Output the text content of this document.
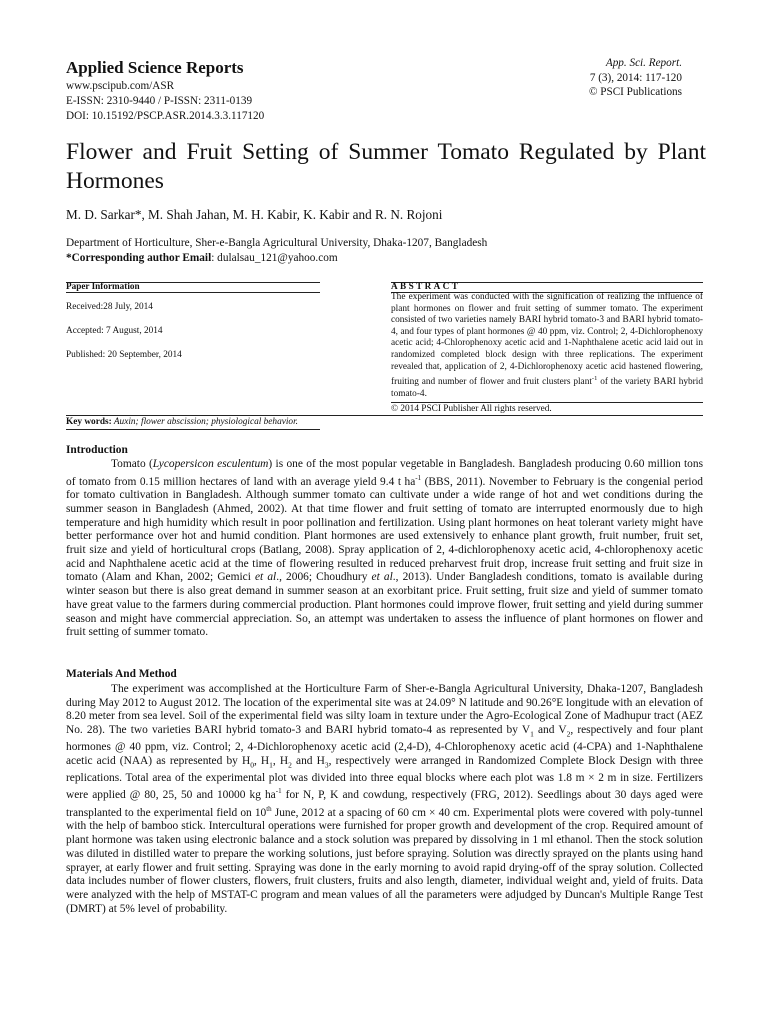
Applied Science Reports
www.pscipub.com/ASR
E-ISSN: 2310-9440 / P-ISSN: 2311-0139
DOI: 10.15192/PSCP.ASR.2014.3.3.117120
App. Sci. Report.
7 (3), 2014: 117-120
© PSCI Publications
Flower and Fruit Setting of Summer Tomato Regulated by Plant Hormones
M. D. Sarkar*, M. Shah Jahan, M. H. Kabir, K. Kabir and R. N. Rojoni
Department of Horticulture, Sher-e-Bangla Agricultural University, Dhaka-1207, Bangladesh
*Corresponding author Email: dulalsau_121@yahoo.com
Paper Information	ABSTRACT
Received:28 July, 2014
Accepted: 7 August, 2014
Published: 20 September, 2014
The experiment was conducted with the signification of realizing the influence of plant hormones on flower and fruit setting of summer tomato. The experiment consisted of two varieties namely BARI hybrid tomato-3 and BARI hybrid tomato-4, and four types of plant hormones @ 40 ppm, viz. Control; 2, 4-Dichlorophenoxy acetic acid; 4-Chlorophenoxy acetic acid and 1-Naphthalene acetic acid laid out in randomized completed block design with three replications. The experiment revealed that, application of 2, 4-Dichlorophenoxy acetic acid hastened flowering, fruiting and number of flower and fruit clusters plant$^{-1}$ of the variety BARI hybrid tomato-4.
© 2014 PSCI Publisher All rights reserved.
Key words: Auxin; flower abscission; physiological behavior.
Introduction

Tomato (Lycopersicon esculentum) is one of the most popular vegetable in Bangladesh. Bangladesh producing 0.60 million tons of tomato from 0.15 million hectares of land with an average yield 9.4 t $ha^{-1}$ (BBS, 2011). November to February is the congenial period for tomato cultivation in Bangladesh. Although summer tomato can cultivate under a wide range of hot and wet conditions during the summer season in Bangladesh (Ahmed, 2002). At that time flower and fruit setting of tomato are interrupted enormously due to high temperature and high humidity which result in poor pollination and fertilization. Using plant hormones on heat tolerant variety might have better performance over hot and humid condition. Plant hormones are used extensively to enhance plant growth, fruit number, fruit set, fruit size and yield of horticultural crops (Batlang, 2008). Spray application of 2, 4-dichlorophenoxy acetic acid, 4-chlorophenoxy acetic acid and Naphthalene acetic acid at the time of flowering resulted in reduced preharvest fruit drop, increase fruit setting and fruit size in tomato (Alam and Khan, 2002; Gemici et al., 2006; Choudhury et al., 2013). Under Bangladesh conditions, tomato is available during winter season but there is also great demand in summer season at an exorbitant price. Fruit setting, fruit size and yield of summer tomato have great value to the farmers during commercial production. Plant hormones could improve flower, fruit setting and yield during summer season and might have commercial appreciation. So, an attempt was undertaken to assess the influence of plant hormones on flower and fruit setting of summer tomato.

Materials And Method

The experiment was accomplished at the Horticulture Farm of Sher-e-Bangla Agricultural University, Dhaka-1207, Bangladesh during May 2012 to August 2012. The location of the experimental site was at 24.09° N latitude and 90.26°E longitude with an elevation of 8.20 meter from sea level. Soil of the experimental field was silty loam in texture under the Agro-Ecological Zone of Madhupur tract (AEZ No. 28). The two varieties BARI hybrid tomato-3 and BARI hybrid tomato-4 as represented by $V_1$ and $V_2$, respectively and four plant hormones @ 40 ppm, viz. Control; 2, 4-Dichlorophenoxy acetic acid (2,4-D), 4-Chlorophenoxy acetic acid (4-CPA) and 1-Naphthalene acetic acid (NAA) as represented by $H_0$, $H_1$, $H_2$ and $H_3$, respectively were arranged in Randomized Complete Block Design with three replications. Total area of the experimental plot was divided into three equal blocks where each plot was 1.8 m × 2 m in size. Fertilizers were applied @ 80, 25, 50 and 10000 kg $ha^{-1}$ for N, P, K and cowdung, respectively (FRG, 2012). Seedlings about 30 days aged were transplanted to the experimental field on 10th June, 2012 at a spacing of 60 cm × 40 cm. Experimental plots were covered with poly-tunnel with the help of bamboo stick. Intercultural operations were furnished for proper growth and development of the crop. Required amount of plant hormone was taken using electronic balance and a stock solution was prepared by dissolving in 1 ml ethanol. Then the stock solution was diluted in distilled water to prepare the working solutions, just before spraying. Solution was directly sprayed on the plants using hand sprayer, at early flower and fruit setting. Spraying was done in the early morning to avoid rapid drying-off of the spray solution. Collected data includes number of flower clusters, flowers, fruit clusters, fruits and also length, diameter, individual weight and, yield of fruits. Data were analyzed with the help of MSTAT-C program and mean values of all the parameters were adjudged by Duncan's Multiple Range Test (DMRT) at 5% level of probability.
